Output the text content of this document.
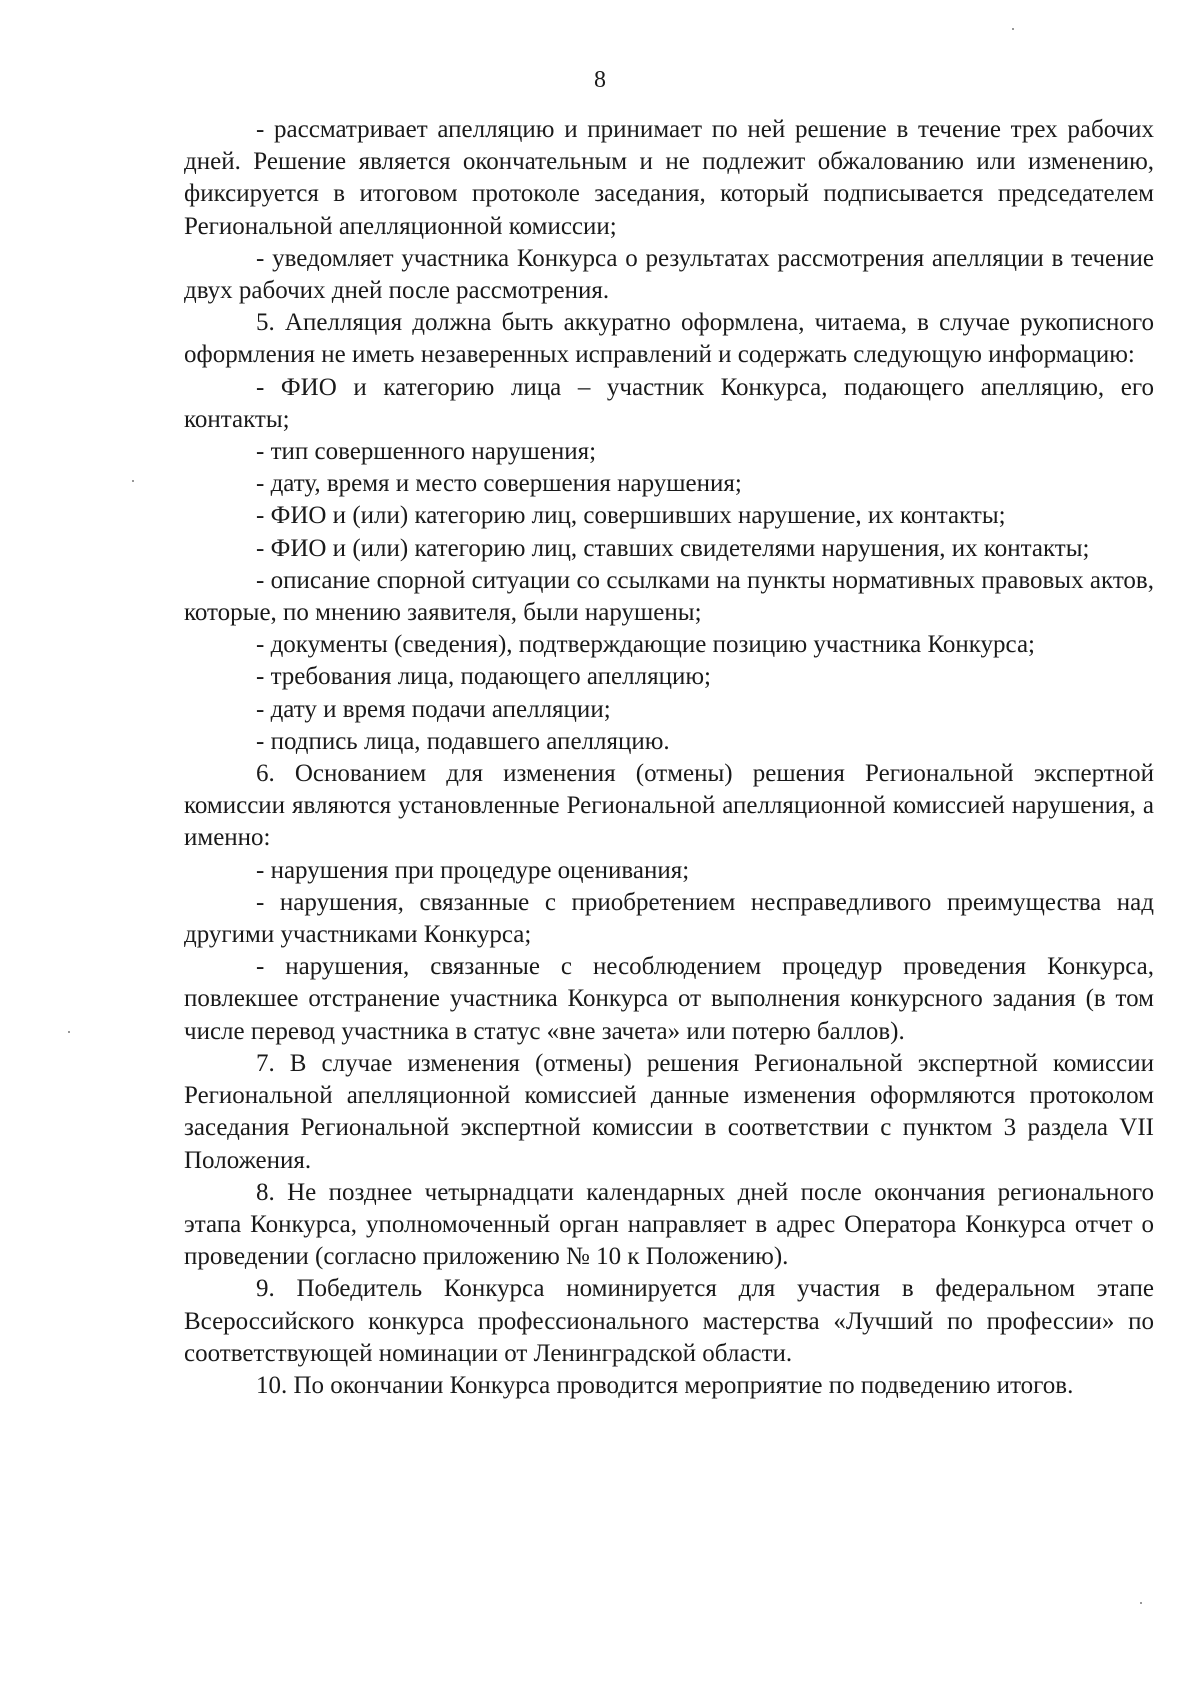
8

- рассматривает апелляцию и принимает по ней решение в течение трех рабочих дней. Решение является окончательным и не подлежит обжалованию или изменению, фиксируется в итоговом протоколе заседания, который подписывается председателем Региональной апелляционной комиссии;

- уведомляет участника Конкурса о результатах рассмотрения апелляции в течение двух рабочих дней после рассмотрения.

5. Апелляция должна быть аккуратно оформлена, читаема, в случае рукописного оформления не иметь незаверенных исправлений и содержать следующую информацию:

- ФИО и категорию лица – участник Конкурса, подающего апелляцию, его контакты;

- тип совершенного нарушения;

- дату, время и место совершения нарушения;

- ФИО и (или) категорию лиц, совершивших нарушение, их контакты;

- ФИО и (или) категорию лиц, ставших свидетелями нарушения, их контакты;

- описание спорной ситуации со ссылками на пункты нормативных правовых актов, которые, по мнению заявителя, были нарушены;

- документы (сведения), подтверждающие позицию участника Конкурса;

- требования лица, подающего апелляцию;

- дату и время подачи апелляции;

- подпись лица, подавшего апелляцию.

6. Основанием для изменения (отмены) решения Региональной экспертной комиссии являются установленные Региональной апелляционной комиссией нарушения, а именно:

- нарушения при процедуре оценивания;

- нарушения, связанные с приобретением несправедливого преимущества над другими участниками Конкурса;

- нарушения, связанные с несоблюдением процедур проведения Конкурса, повлекшее отстранение участника Конкурса от выполнения конкурсного задания (в том числе перевод участника в статус «вне зачета» или потерю баллов).

7. В случае изменения (отмены) решения Региональной экспертной комиссии Региональной апелляционной комиссией данные изменения оформляются протоколом заседания Региональной экспертной комиссии в соответствии с пунктом 3 раздела VII Положения.

8. Не позднее четырнадцати календарных дней после окончания регионального этапа Конкурса, уполномоченный орган направляет в адрес Оператора Конкурса отчет о проведении (согласно приложению № 10 к Положению).

9. Победитель Конкурса номинируется для участия в федеральном этапе Всероссийского конкурса профессионального мастерства «Лучший по профессии» по соответствующей номинации от Ленинградской области.

10. По окончании Конкурса проводится мероприятие по подведению итогов.
